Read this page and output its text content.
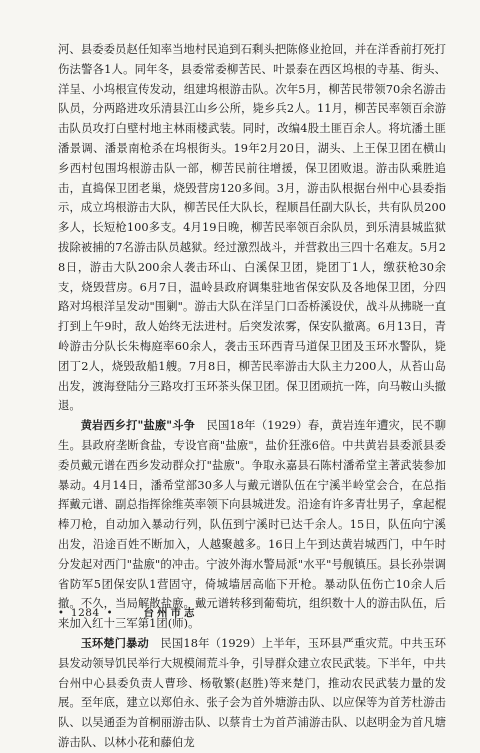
河、县委委员赵任知率当地村民追到石剩头把陈修业抢回，并在洋香前打死打伤法警各1人。同年冬，县委常委柳苦民、叶景泰在西区坞根的寺基、街头、洋呈、小坞根宣传发动，组建坞根游击队。次年5月，柳苦民带领70余名游击队员，分两路进攻乐清县江山乡公所，毙乡兵2人。11月，柳苦民率领百余游击队员攻打白壁村地主林雨楼武装。同时，改编4股土匪百余人。将坑潘土匪潘景调、潘景南枪杀在坞根街头。19年2月20日，湖头、上王保卫团在横山乡西村包围坞根游击队一部，柳苦民前往增援，保卫团败退。游击队乘胜追击，直捣保卫团老巢，烧毁营房120多间。3月，游击队根据台州中心县委指示，成立坞根游击大队，柳苦民任大队长，程顺昌任副大队长，共有队员200多人，长短枪100多支。4月19日晚，柳苦民率领百余队员，到乐清县城监狱拔除被捕的7名游击队员越狱。经过激烈战斗，并营救出三四十名难友。5月28日，游击大队200余人袭击环山、白溪保卫团，毙团丁1人，缴获枪30余支，烧毁营房。6月7日，温岭县政府调集驻地省保安队及各地保卫团，分四路对坞根洋呈发动"围剿"。游击大队在洋呈门口岙桥溪设伏，战斗从拂晓一直打到上午9时，敌人始终无法进村。后突发浓雾，保安队撤离。6月13日，青岭游击分队长朱梅庭率60余人，袭击玉环西青马道保卫团及玉环水警队，毙团丁2人，烧毁敌船1艘。7月8日，柳苦民率游击大队主力200人，从苔山岛出发，渡海登陆分三路攻打玉环茶头保卫团。保卫团顽抗一阵，向马鞍山头撤退。

黄岩西乡打"盐廒"斗争　 民国18年（1929）春，黄岩连年遭灾，民不聊生。县政府垄断食盐，专设官商"盐廒"，盐价狂涨6倍。中共黄岩县委派县委委员戴元谱在西乡发动群众打"盐廒"。争取永嘉县石陈村潘希堂主著武装参加暴动。4月14日，潘希堂部30多人与戴元谱队伍在宁溪半岭堂会合，在总指挥戴元谱、副总指挥徐维英率领下向县城进发。沿途有许多青壮男子，拿起棍棒刀枪，自动加入暴动行列，队伍到宁溪时已达千余人。15日，队伍向宁溪出发，沿途百姓不断加入，人越聚越多。16日上午到达黄岩城西门，中午时分发起对西门"盐廒"的冲击。宁波外海水警局派"水平"号舰镇压。县长孙崇调省防军5团保安队1营固守，倚城墙居高临下开枪。暴动队伍伤亡10余人后撤。不久，当局解散盐廒。戴元谱转移到葡萄坑，组织数十人的游击队伍，后来加入红十三军第1团(师)。

玉环楚门暴动　 民国18年（1929）上半年，玉环县严重灾荒。中共玉环县发动领导饥民举行大规模闹荒斗争，引导群众建立农民武装。下半年，中共台州中心县委负责人曹珍、杨敬繁(赵胜)等来楚门，推动农民武装力量的发展。至年底，建立以郑伯永、张子会为首外塘游击队、以应保等为首芳杜游击队、以吴通歪为首桐丽游击队、以蔡肯士为首芦浦游击队、以赵明金为首凡塘游击队、以林小花和藤伯龙

• 1284 •	台州市志
